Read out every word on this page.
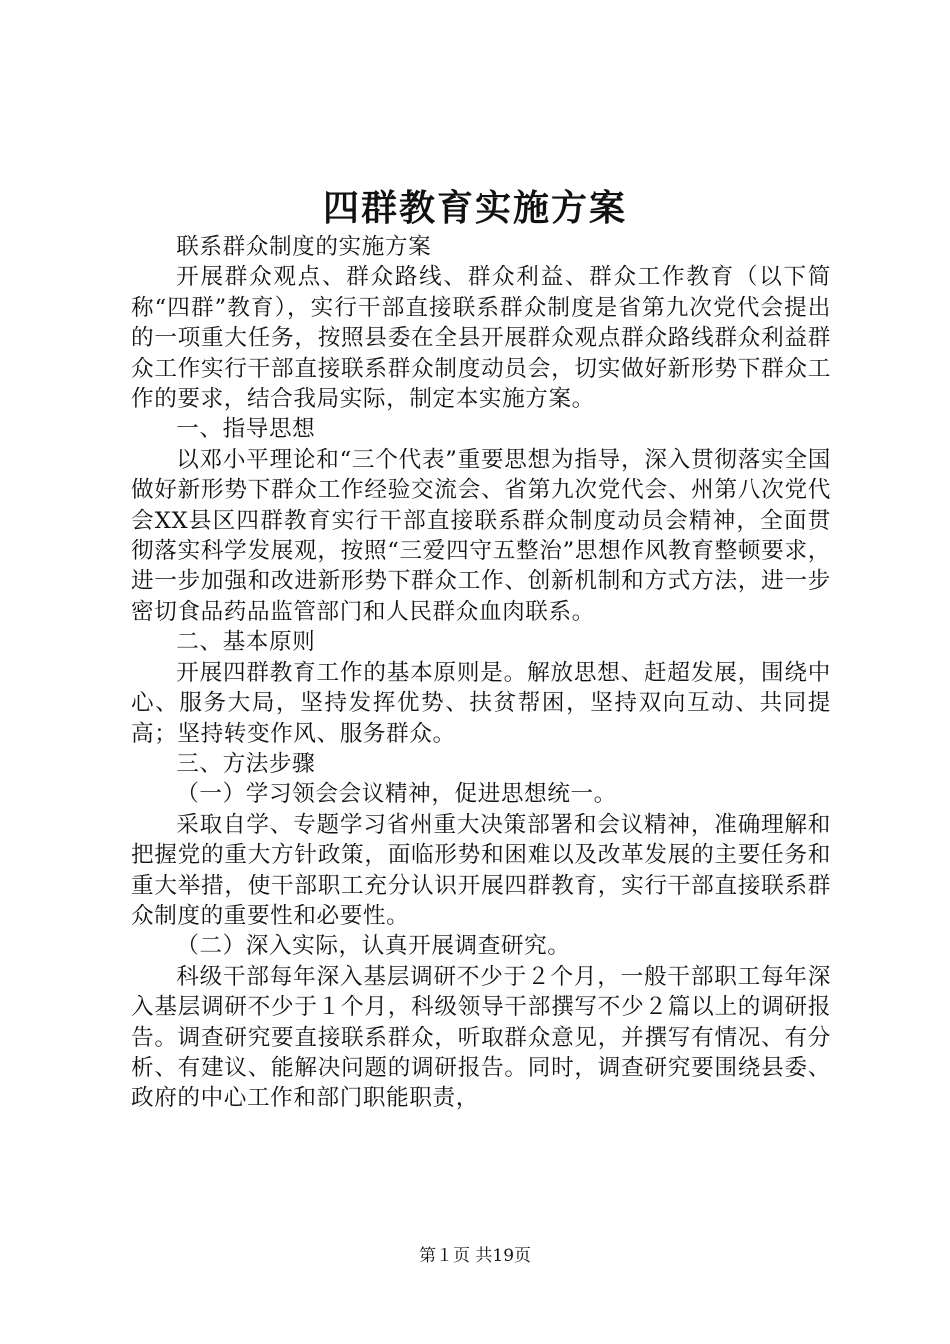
四群教育实施方案

联系群众制度的实施方案

开展群众观点、群众路线、群众利益、群众工作教育（以下简称“四群”教育），实行干部直接联系群众制度是省第九次党代会提出的一项重大任务，按照县委在全县开展群众观点群众路线群众利益群众工作实行干部直接联系群众制度动员会，切实做好新形势下群众工作的要求，结合我局实际，制定本实施方案。

一、指导思想

以邓小平理论和“三个代表”重要思想为指导，深入贯彻落实全国做好新形势下群众工作经验交流会、省第九次党代会、州第八次党代会XX县区四群教育实行干部直接联系群众制度动员会精神，全面贯彻落实科学发展观，按照“三爱四守五整治”思想作风教育整顿要求，进一步加强和改进新形势下群众工作、创新机制和方式方法，进一步密切食品药品监管部门和人民群众血肉联系。

二、基本原则

开展四群教育工作的基本原则是。解放思想、赶超发展，围绕中心、服务大局，坚持发挥优势、扶贫帮困，坚持双向互动、共同提高；坚持转变作风、服务群众。

三、方法步骤

（一）学习领会会议精神，促进思想统一。

采取自学、专题学习省州重大决策部署和会议精神，准确理解和把握党的重大方针政策，面临形势和困难以及改革发展的主要任务和重大举措，使干部职工充分认识开展四群教育，实行干部直接联系群众制度的重要性和必要性。

（二）深入实际，认真开展调查研究。

科级干部每年深入基层调研不少于２个月，一般干部职工每年深入基层调研不少于１个月，科级领导干部撰写不少２篇以上的调研报告。调查研究要直接联系群众，听取群众意见，并撰写有情况、有分析、有建议、能解决问题的调研报告。同时，调查研究要围绕县委、政府的中心工作和部门职能职责，

第１页 共19页
